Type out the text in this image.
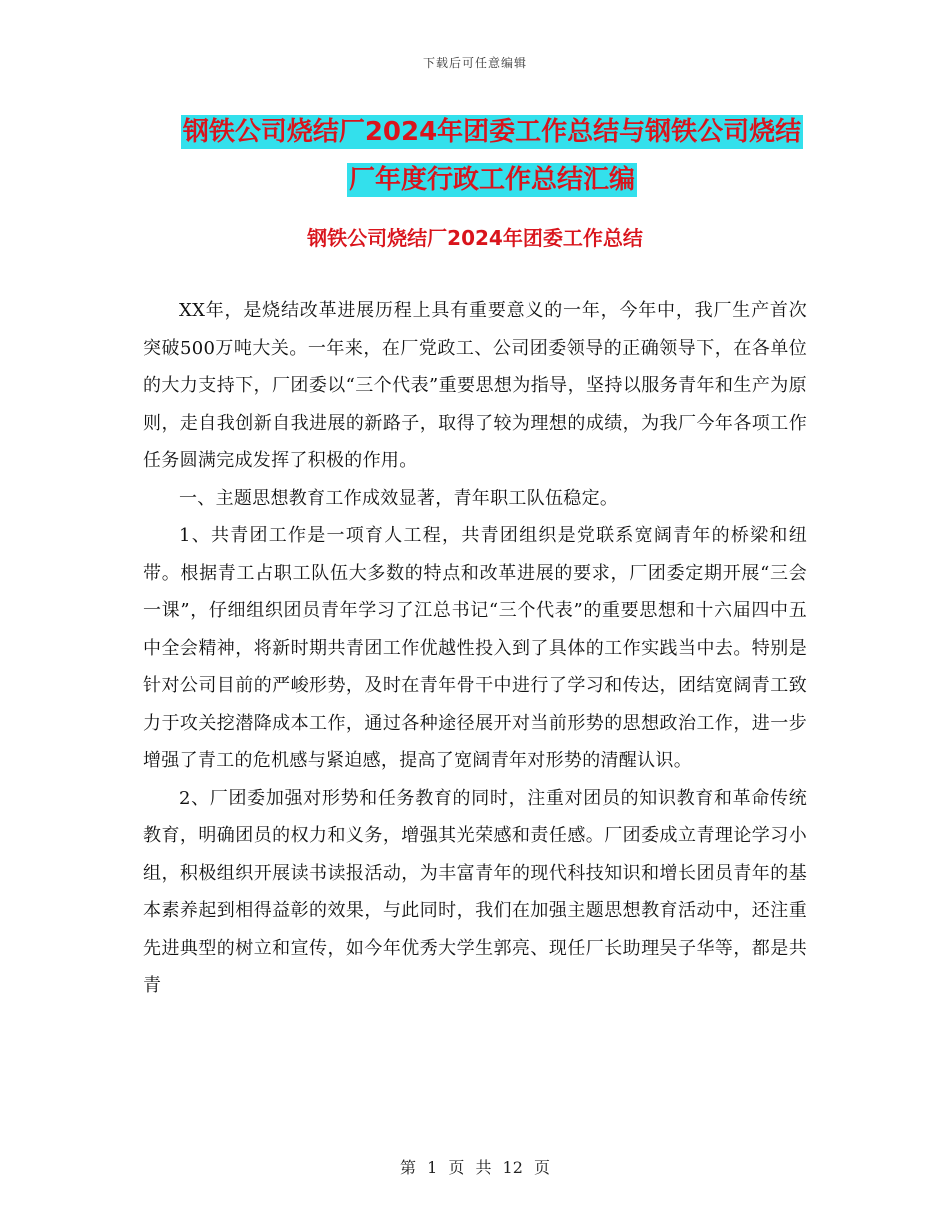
下载后可任意编辑
钢铁公司烧结厂2024年团委工作总结与钢铁公司烧结
厂年度行政工作总结汇编
钢铁公司烧结厂2024年团委工作总结

XX年，是烧结改革进展历程上具有重要意义的一年，今年中，我厂生产首次突破500万吨大关。一年来，在厂党政工、公司团委领导的正确领导下，在各单位的大力支持下，厂团委以“三个代表”重要思想为指导，坚持以服务青年和生产为原则，走自我创新自我进展的新路子，取得了较为理想的成绩，为我厂今年各项工作任务圆满完成发挥了积极的作用。

一、主题思想教育工作成效显著，青年职工队伍稳定。

1、共青团工作是一项育人工程，共青团组织是党联系宽阔青年的桥梁和纽带。根据青工占职工队伍大多数的特点和改革进展的要求，厂团委定期开展“三会一课”，仔细组织团员青年学习了江总书记“三个代表”的重要思想和十六届四中五中全会精神，将新时期共青团工作优越性投入到了具体的工作实践当中去。特别是针对公司目前的严峻形势，及时在青年骨干中进行了学习和传达，团结宽阔青工致力于攻关挖潜降成本工作，通过各种途径展开对当前形势的思想政治工作，进一步增强了青工的危机感与紧迫感，提高了宽阔青年对形势的清醒认识。

2、厂团委加强对形势和任务教育的同时，注重对团员的知识教育和革命传统教育，明确团员的权力和义务，增强其光荣感和责任感。厂团委成立青理论学习小组，积极组织开展读书读报活动，为丰富青年的现代科技知识和增长团员青年的基本素养起到相得益彰的效果，与此同时，我们在加强主题思想教育活动中，还注重先进典型的树立和宣传，如今年优秀大学生郭亮、现任厂长助理吴子华等，都是共青

第 1 页 共 12 页
